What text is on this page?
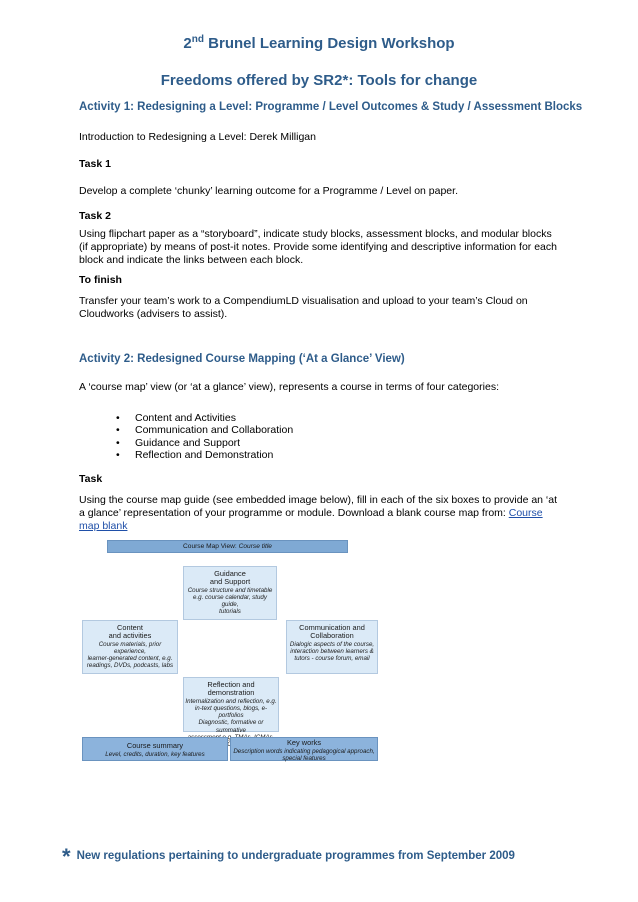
2nd Brunel Learning Design Workshop
Freedoms offered by SR2*: Tools for change
Activity 1: Redesigning a Level: Programme / Level Outcomes & Study / Assessment Blocks
Introduction to Redesigning a Level: Derek Milligan
Task 1
Develop a complete ‘chunky’ learning outcome for a Programme / Level on paper.
Task 2
Using flipchart paper as a “storyboard”, indicate study blocks, assessment blocks, and modular blocks (if appropriate) by means of post-it notes. Provide some identifying and descriptive information for each block and indicate the links between each block.
To finish
Transfer your team’s work to a CompendiumLD visualisation and upload to your team’s Cloud on Cloudworks (advisers to assist).
Activity 2: Redesigned Course Mapping (‘At a Glance’ View)
A ‘course map’ view (or ‘at a glance’ view), represents a course in terms of four categories:
• Content and Activities
• Communication and Collaboration
• Guidance and Support
• Reflection and Demonstration
Task
Using the course map guide (see embedded image below), fill in each of the six boxes to provide an ‘at a glance’ representation of your programme or module. Download a blank course map from: Course map blank
Course Map View: Course title
Guidance
and Support
Course structure and timetable
e.g. course calendar, study guide,
tutorials
Content
and activities
Course materials, prior experience,
learner-generated content, e.g.
readings, DVDs, podcasts, labs
Communication and
Collaboration
Dialogic aspects of the course,
interaction between learners &
tutors - course forum, email
Reflection and
demonstration
Internalization and reflection, e.g.
in-text questions, blogs, e-portfolios
Diagnostic, formative or summative
Course summary
Level, credits, duration, key features
Key works
Description words indicating pedagogical approach,
special features
* New regulations pertaining to undergraduate programmes from September 2009
